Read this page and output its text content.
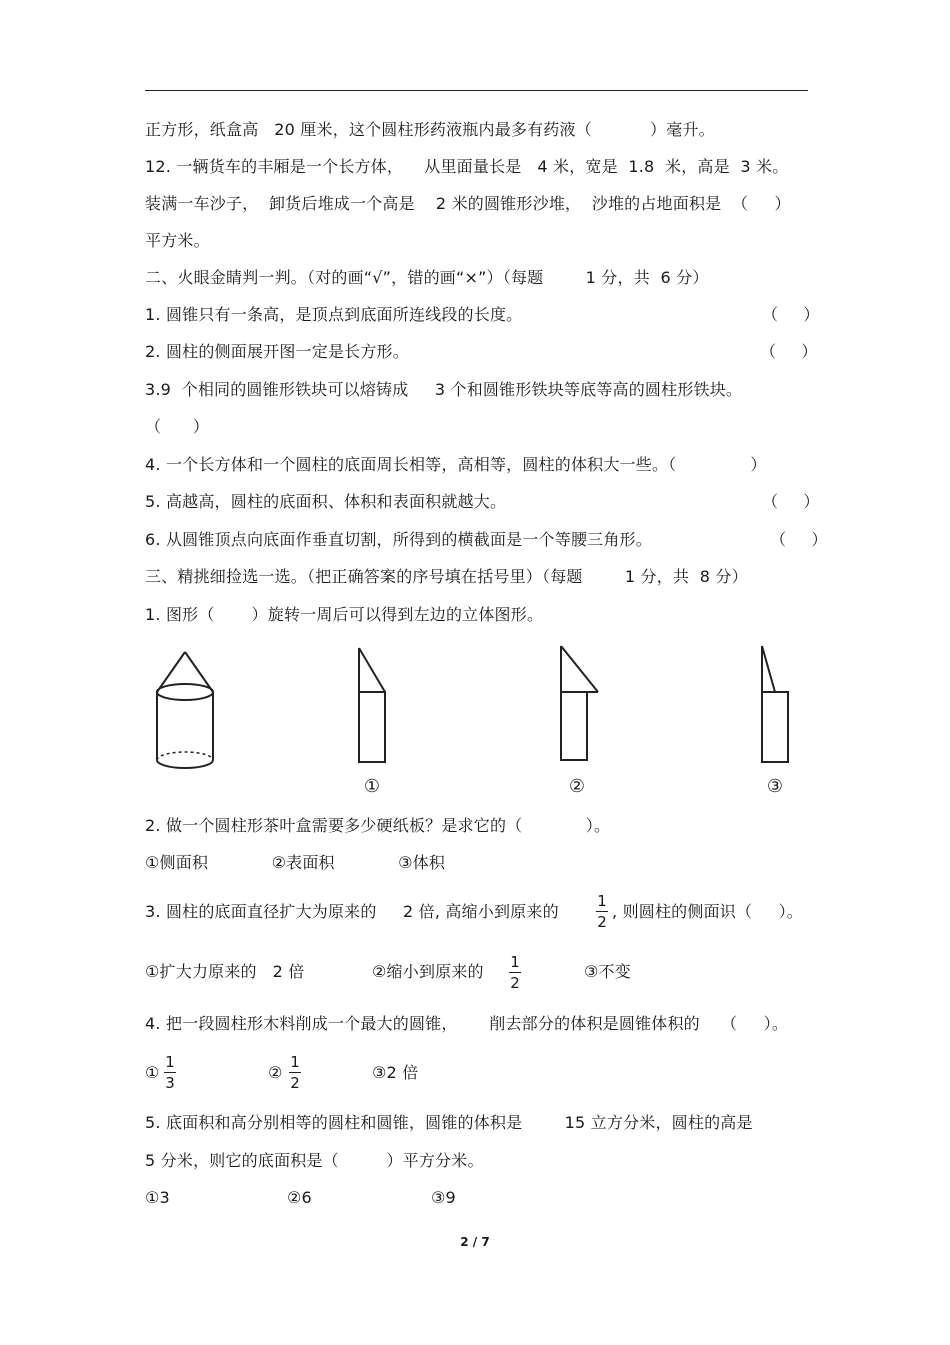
正方形，纸盒高   20 厘米，这个圆柱形药液瓶内最多有药液（           ）毫升。
12. 一辆货车的丰厢是一个长方体，    从里面量长是   4 米，宽是  1.8  米，高是  3 米。
装满一车沙子，  卸货后堆成一个高是    2 米的圆锥形沙堆，  沙堆的占地面积是  （     ）
平方米。
二、火眼金睛判一判。（对的画“√”，错的画“×”）（每题        1 分，共  6 分）
1. 圆锥只有一条高，是顶点到底面所连线段的长度。	（     ）
2. 圆柱的侧面展开图一定是长方形。	（     ）
3.9  个相同的圆锥形铁块可以熔铸成     3 个和圆锥形铁块等底等高的圆柱形铁块。
（      ）
4. 一个长方体和一个圆柱的底面周长相等，高相等，圆柱的体积大一些。（              ）
5. 高越高，圆柱的底面积、体积和表面积就越大。	（     ）
6. 从圆锥顶点向底面作垂直切割，所得到的横截面是一个等腰三角形。	（     ）
三、精挑细捡选一选。（把正确答案的序号填在括号里）（每题        1 分，共  8 分）
1. 图形（       ）旋转一周后可以得到左边的立体图形。
①	②	③
2. 做一个圆柱形茶叶盒需要多少硬纸板？是求它的（            ）。
①侧面积            ②表面积            ③体积
3. 圆柱的底面直径扩大为原来的     2 倍, 高缩小到原来的
1
2
, 则圆柱的侧面识（     ）。
①扩大力原来的   2 倍	②缩小到原来的 1
2
③不变
4. 把一段圆柱形木料削成一个最大的圆锥，      削去部分的体积是圆锥体积的    （     ）。
①
1
3
②
1
2
③2 倍
5. 底面积和高分别相等的圆柱和圆锥，圆锥的体积是        15 立方分米，圆柱的高是
5 分米，则它的底面积是（         ）平方分米。
①3	②6	③9
2 / 7
